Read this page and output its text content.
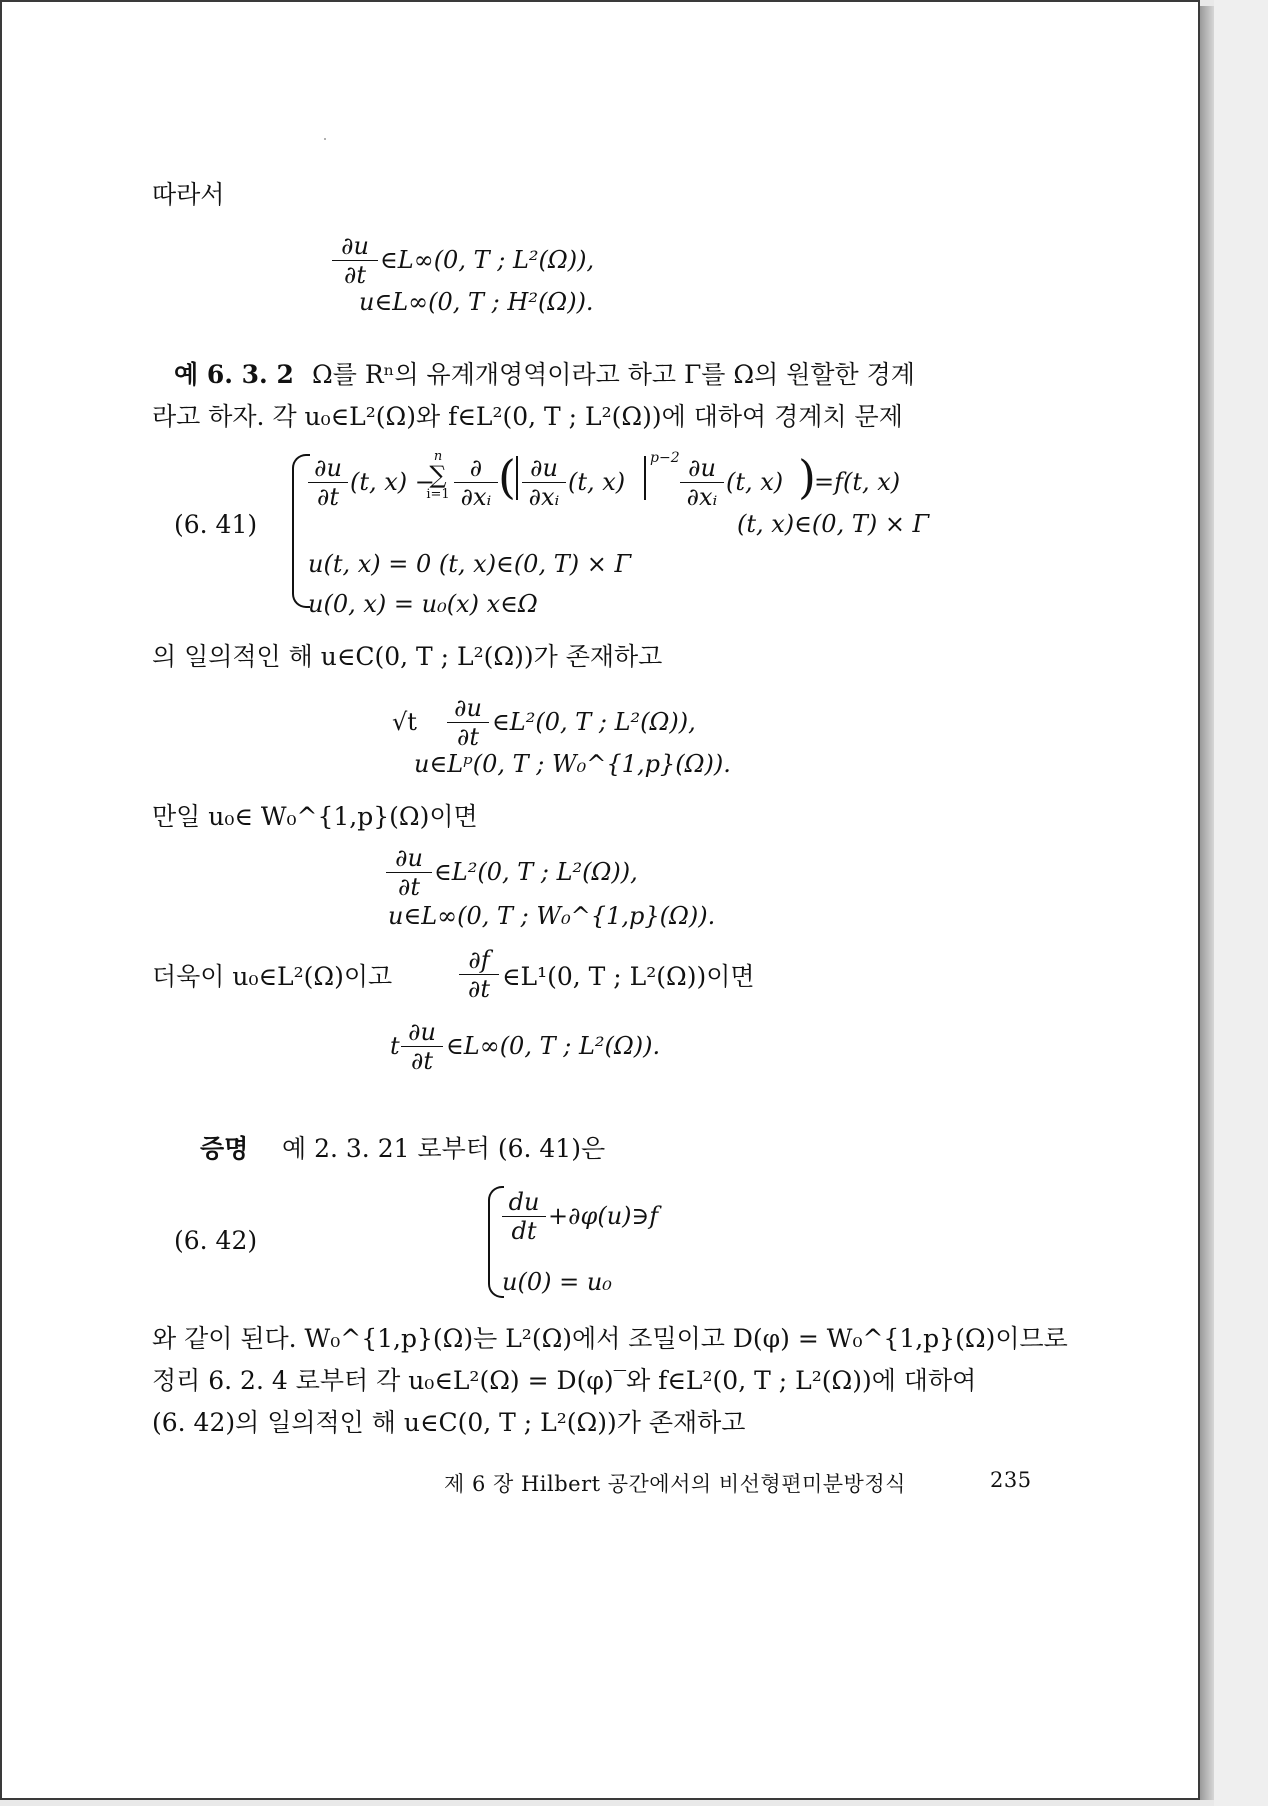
따라서
∂u
∂t
∈L∞(0, T ; L²(Ω)),
u∈L∞(0, T ; H²(Ω)).
예 6. 3. 2 Ω를 Rⁿ의 유계개영역이라고 하고 Γ를 Ω의 원할한 경계
라고 하자. 각 u₀∈L²(Ω)와 f∈L²(0, T ; L²(Ω))에 대하여 경계치 문제
(6. 41)
∂u
∂t
(t, x) −
n
∑
i=1
∂
∂xᵢ ( ∂u
∂xᵢ
(t, x)
p−2 ∂u
∂xᵢ
(t, x) )
=f(t, x)
(t, x)∈(0, T) × Γ
u(t, x) = 0 (t, x)∈(0, T) × Γ
u(0, x) = u₀(x) x∈Ω
의 일의적인 해 u∈C(0, T ; L²(Ω))가 존재하고
√t ∂u
∂t
∈L²(0, T ; L²(Ω)),
u∈Lᵖ(0, T ; W₀^{1,p}(Ω)).
만일 u₀∈ W₀^{1,p}(Ω)이면
∂u
∂t
∈L²(0, T ; L²(Ω)),
u∈L∞(0, T ; W₀^{1,p}(Ω)).
더욱이 u₀∈L²(Ω)이고
∂f
∂t ∈L¹(0, T ; L²(Ω))이면
t ∂u
∂t
∈L∞(0, T ; L²(Ω)).
증명 예 2. 3. 21 로부터 (6. 41)은
(6. 42)
du
dt
+∂φ(u)∋f
u(0) = u₀
와 같이 된다. W₀^{1,p}(Ω)는 L²(Ω)에서 조밀이고 D(φ) = W₀^{1,p}(Ω)이므로
정리 6. 2. 4 로부터 각 u₀∈L²(Ω) = D(φ)‾와 f∈L²(0, T ; L²(Ω))에 대하여
(6. 42)의 일의적인 해 u∈C(0, T ; L²(Ω))가 존재하고
제 6 장 Hilbert 공간에서의 비선형편미분방정식	235
